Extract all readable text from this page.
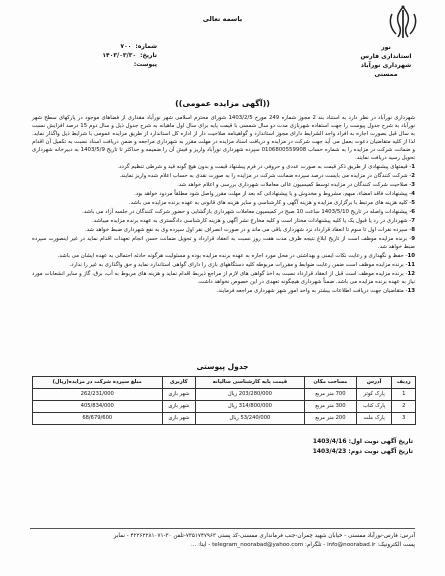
نور
استانداری فارس
شهرداری نورآباد
ممسنی
باسمه تعالی
شماره:
۷۰۰
تاریخ:
۱۴۰۳/۰۳/۳۰
پیوست:
((آگهی مزایده عمومی))

شهرداری نورآباد در نظر دارد به استناد بند 2 مجوز شماره 249 مورخ 1403/2/5 شورای محترم اسلامی شهر نورآباد مقداری از فضاهای موجود در پارکهای سطح شهر نورآباد به شرح جدول پیوست را جهت استفاده شهربازی مدت دو سال شمسی با قیمت پایه برای سال اول ماهیانه به شرح جدول ذیل و سال دوم 15 درصد افزایش نسبت به سال قبل بصورت اجاره به افراد واجد الشرایط دارای مجوز استاندارد و گواهینامه صلاحیت دار از اداره کل استاندارد از طریق مزایده عمومی با شرایط ذیل واگذار نماید. لذا از کلیه متقاضیان دعوت بعمل می آید جهت شرکت در مزایده و دریافت اسناد مزایده در مهلت مقرر به شهرداری مراجعه و ضمن دریافت اسناد نسبت به تکمیل آن اقدام و ضمانت شرکت در مزایده را به شماره حساب 0106800559908 سپرده شهرداری نورآباد واریز و فیش آن را ضمیمه و حداکثر تا تاریخ 1403/5/9 به دبیرخانه شهرداری تحویل رسید دریافت نمایند.

1- قیمتهای پیشنهادی از طریق ذکر قیمت به صورت عددی و حروفی در فرم پیشنهاد قیمت و بدون هیچ گونه قید و شرطی تنظیم گردد.

2- شرکت کنندگان در مزایده می بایست درصد سپرده ضمانت شرکت در مزایده را به صورت نقدی به حساب اعلام شده واریز نمایند.

3- صلاحیت شرکت کنندگان در مزایده توسط کمیسیون عالی معاملات شهرداری بررسی و اعلام خواهد شد.

4- پیشنهادات فاقد امضاء، مبهم، مشروط و مخدوش و یا پیشنهاداتی که بعد از مهلت مقرر واصل شود مطلقاً مردود خواهد بود.

5- کلیه هزینه های مرتبط با برگزاری مزایده و هزینه آگهی و کارشناسی و سایر هزینه های قانونی به عهده برنده مزایده می باشد.

6- پیشنهادات واصله در تاریخ 1403/5/10 ساعت 10 صبح در کمیسیون معاملات شهرداری بازگشایی و حضور شرکت کنندگان در جلسه آزاد می باشد.

7- شهرداری در رد یا قبول یک یا کلیه پیشنهادات مختار است و کلیه مخارج نشر آگهی و هزینه کارشناسی دادگستری به عهده برنده مزایده میباشد.

8- سپرده نفرات اول تا سوم تا انعقاد قرارداد نزد شهرداری باقی می ماند و در صورت انصراف نفر اول سپرده وی به نفع شهرداری ضبط خواهد شد.

9- برنده مزایده موظف است از تاریخ ابلاغ نتیجه ظرف مدت هفت روز نسبت به انعقاد قرارداد و تحویل ضمانت حسن انجام تعهدات اقدام نماید در غیر اینصورت سپرده ضبط خواهد شد.

10- حفظ و نگهداری و رعایت نکات ایمنی و بهداشتی در محل مورد اجاره به عهده برنده مزایده بوده و مسئولیت هرگونه حادثه احتمالی به عهده ایشان می باشد.

11- برنده مزایده موظف است ضمن رعایت ضوابط و مقررات مربوطه کلیه دستگاههای بازی را دارای گواهی استاندارد نماید و حق واگذاری به غیر را ندارد.

12- برنده مزایده موظف است قبل از انعقاد قرارداد نسبت به اخذ گواهی های لازم از مراجع ذیربط اقدام نماید و هزینه های مربوط به آب، برق، گاز و سایر انشعابات مورد نیاز به عهده برنده مزایده می باشد. ضمناً شهرداری هیچگونه تعهدی در این خصوص نخواهد داشت.

13- متقاضیان جهت دریافت اطلاعات بیشتر به واحد امور شهر شهرداری مراجعه فرمایند.

جدول پیوستی
ردیف	آدرس	مساحت مکان	قیمت پایه کارشناسی سالیانه	کاربری	مبلغ سپرده شرکت در مزایده(ریال)
1	پارک کوثر	700 متر مربع	203/280/000 ریال	شهر بازی	262/231/000
2	پارک کتاب	300 متر مربع	314/800/000 ریال	شهر بازی	405/834/000
3	پارک ملت	200 متر مربع	53/240/000 ریال	شهر بازی	68/679/600
تاریخ آگهی نوبت اول: 1403/4/16
تاریخ آگهی نوبت دوم: 1403/4/23
آدرس: فارس-نورآباد ممسنی - خیابان شهید چمران-جنب فرمانداری ممسنی-کد پستی ۷۳۵۱۷۴۷۹۶۳-تلفن ۳۰-۴۲۲۶۲۲۸۱۰۷۱ - نمابر
پست الکترونیک: info@noorabad.ir - تلگرام: telegram_noorabad@yahoo.com - ایتا: ...
